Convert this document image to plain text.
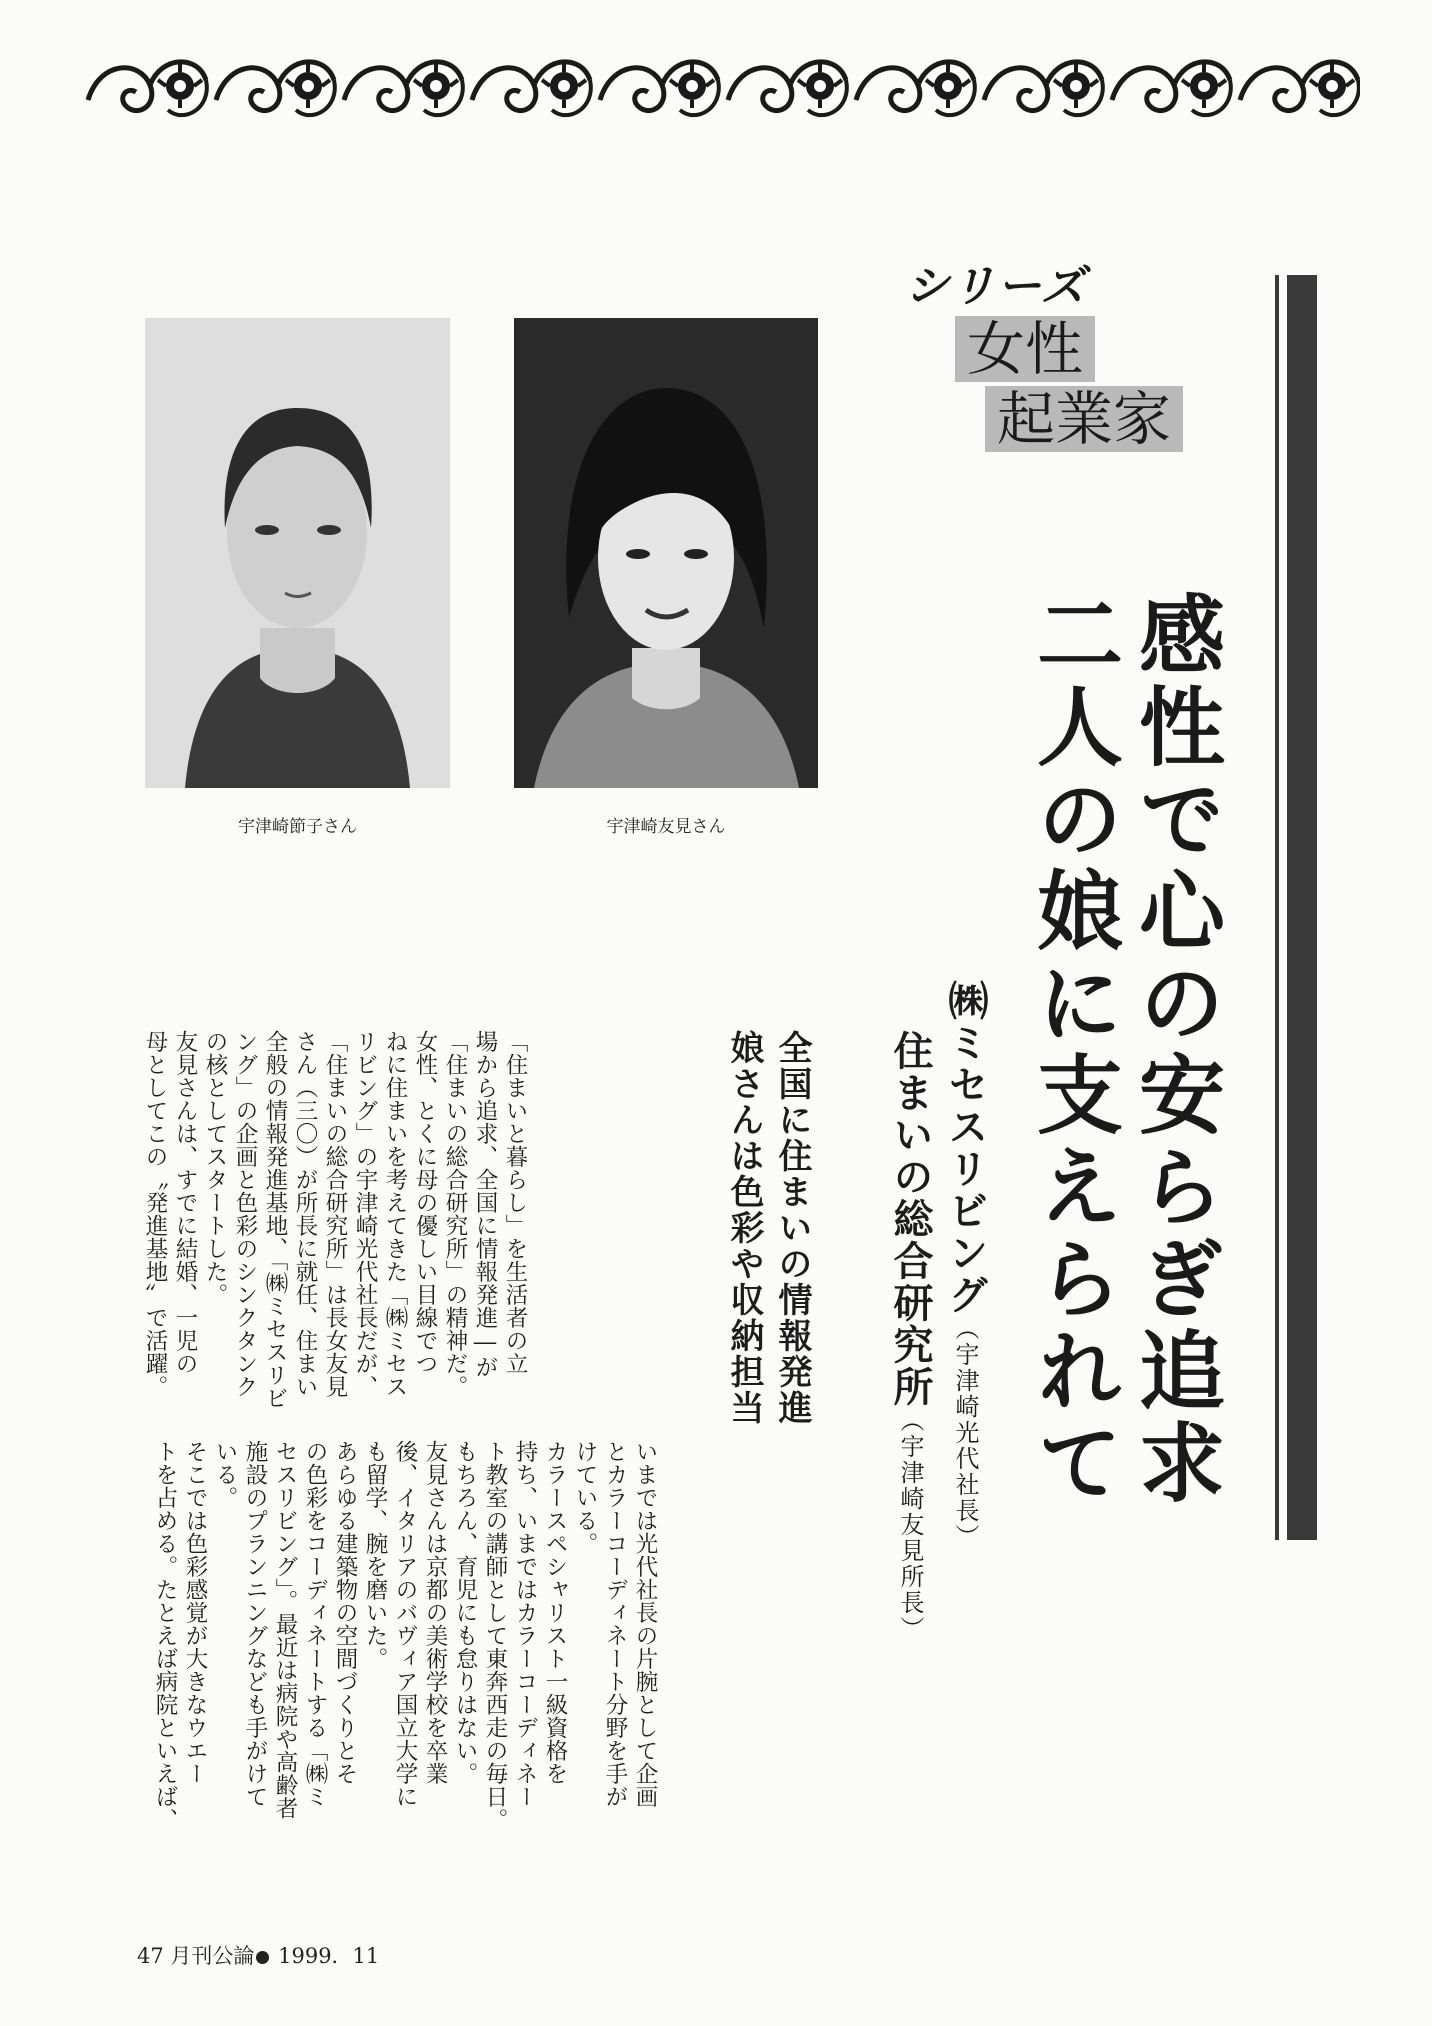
シリーズ
女性
起業家
宇津崎節子さん	宇津崎友見さん	感性で心の安らぎ追求
二人の娘に支えられて
㈱ミセスリビング（宇津崎光代社長）
住まいの総合研究所（宇津崎友見所長）
全国に住まいの情報発進
娘さんは色彩や収納担当
「住まいと暮らし」を生活者の立
場から追求、全国に情報発進―が
「住まいの総合研究所」の精神だ。
女性、とくに母の優しい目線でつ
ねに住まいを考えてきた「㈱ミセス
リビング」の宇津崎光代社長だが、
「住まいの総合研究所」は長女友見
さん（三〇）が所長に就任、住まい
全般の情報発進基地、「㈱ミセスリビ
ング」の企画と色彩のシンクタンク
の核としてスタートした。
友見さんは、すでに結婚、一児の
母としてこの〝発進基地〟で活躍。
いまでは光代社長の片腕として企画
とカラーコーディネート分野を手が
けている。
カラースペシャリスト一級資格を
持ち、いまではカラーコーディネー
ト教室の講師として東奔西走の毎日。
もちろん、育児にも怠りはない。
友見さんは京都の美術学校を卒業
後、イタリアのバヴィア国立大学に
も留学、腕を磨いた。
あらゆる建築物の空間づくりとそ
の色彩をコーディネートする「㈱ミ
セスリビング」。最近は病院や高齢者
施設のプランニングなども手がけて
いる。
そこでは色彩感覚が大きなウエー
トを占める。たとえば病院といえば、
47 月刊公論 1999．11
